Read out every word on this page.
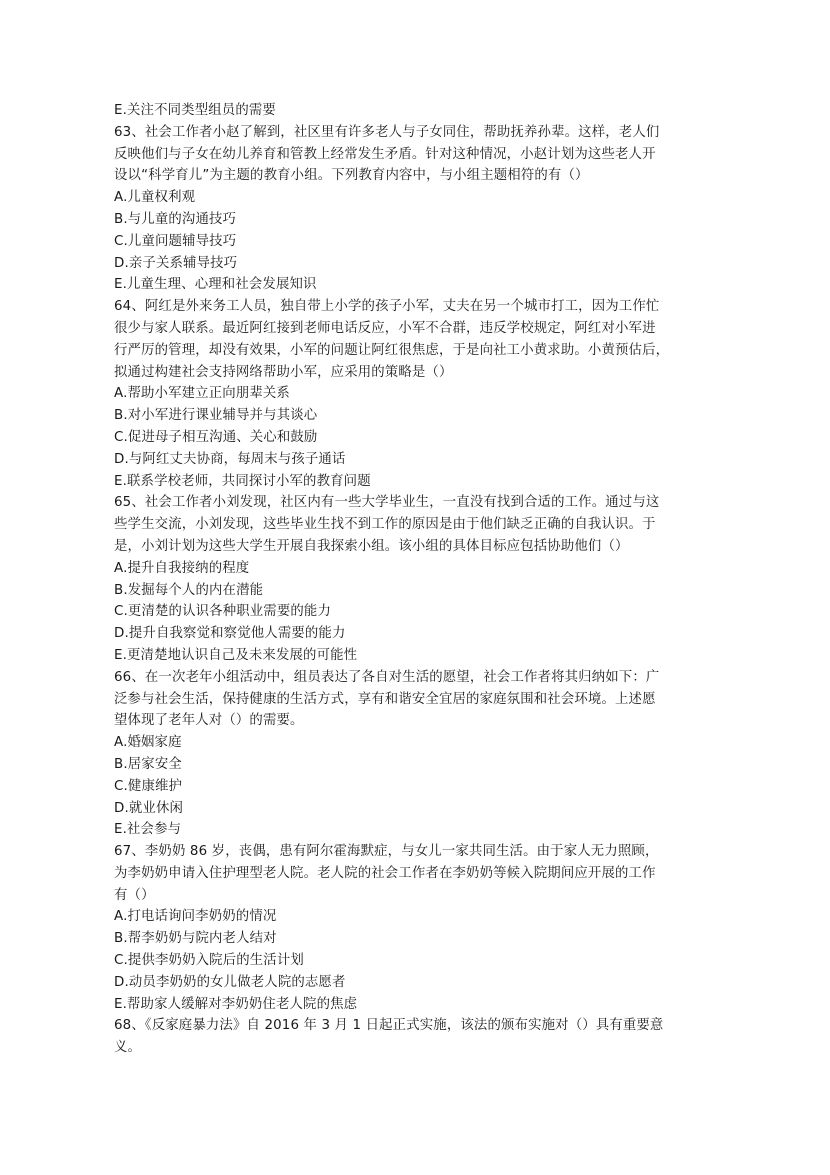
E.关注不同类型组员的需要
63、社会工作者小赵了解到，社区里有许多老人与子女同住，帮助抚养孙辈。这样，老人们
反映他们与子女在幼儿养育和管教上经常发生矛盾。针对这种情况，小赵计划为这些老人开
设以“科学育儿”为主题的教育小组。下列教育内容中，与小组主题相符的有（）
A.儿童权利观
B.与儿童的沟通技巧
C.儿童问题辅导技巧
D.亲子关系辅导技巧
E.儿童生理、心理和社会发展知识
64、阿红是外来务工人员，独自带上小学的孩子小军，丈夫在另一个城市打工，因为工作忙
很少与家人联系。最近阿红接到老师电话反应，小军不合群，违反学校规定，阿红对小军进
行严厉的管理，却没有效果，小军的问题让阿红很焦虑，于是向社工小黄求助。小黄预估后，
拟通过构建社会支持网络帮助小军，应采用的策略是（）
A.帮助小军建立正向朋辈关系
B.对小军进行课业辅导并与其谈心
C.促进母子相互沟通、关心和鼓励
D.与阿红丈夫协商，每周末与孩子通话
E.联系学校老师，共同探讨小军的教育问题
65、社会工作者小刘发现，社区内有一些大学毕业生，一直没有找到合适的工作。通过与这
些学生交流，小刘发现，这些毕业生找不到工作的原因是由于他们缺乏正确的自我认识。于
是，小刘计划为这些大学生开展自我探索小组。该小组的具体目标应包括协助他们（）
A.提升自我接纳的程度
B.发掘每个人的内在潜能
C.更清楚的认识各种职业需要的能力
D.提升自我察觉和察觉他人需要的能力
E.更清楚地认识自己及未来发展的可能性
66、在一次老年小组活动中，组员表达了各自对生活的愿望，社会工作者将其归纳如下：广
泛参与社会生活，保持健康的生活方式，享有和谐安全宜居的家庭氛围和社会环境。上述愿
望体现了老年人对（）的需要。
A.婚姻家庭
B.居家安全
C.健康维护
D.就业休闲
E.社会参与
67、李奶奶 86 岁，丧偶，患有阿尔霍海默症，与女儿一家共同生活。由于家人无力照顾，
为李奶奶申请入住护理型老人院。老人院的社会工作者在李奶奶等候入院期间应开展的工作
有（）
A.打电话询问李奶奶的情况
B.帮李奶奶与院内老人结对
C.提供李奶奶入院后的生活计划
D.动员李奶奶的女儿做老人院的志愿者
E.帮助家人缓解对李奶奶住老人院的焦虑
68、《反家庭暴力法》自 2016 年 3 月 1 日起正式实施，该法的颁布实施对（）具有重要意
义。
